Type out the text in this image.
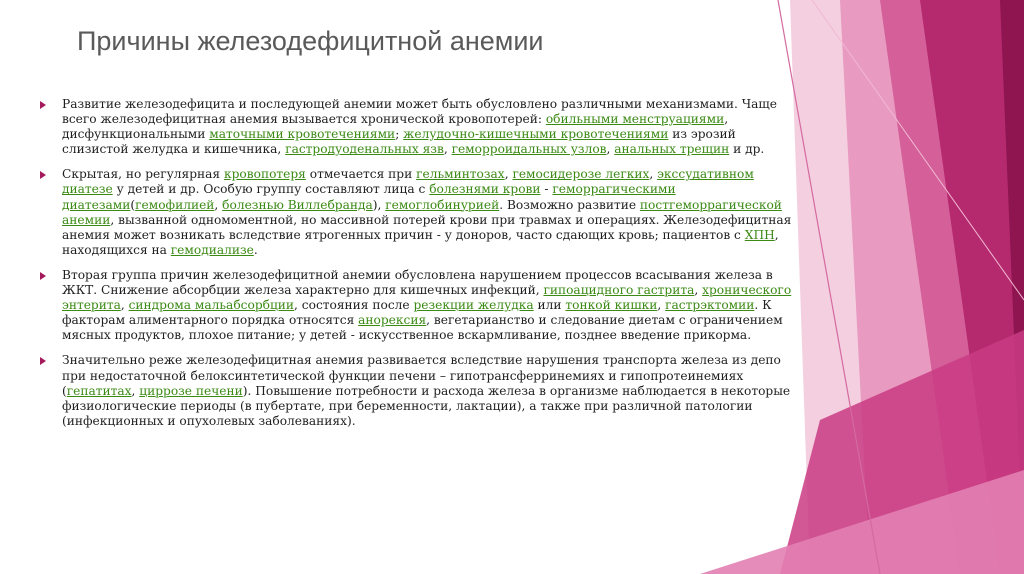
Причины железодефицитной анемии

Развитие железодефицита и последующей анемии может быть обусловлено различными механизмами. Чаще всего железодефицитная анемия вызывается хронической кровопотерей: обильными менструациями, дисфункциональными маточными кровотечениями; желудочно-кишечными кровотечениями из эрозий слизистой желудка и кишечника, гастродуоденальных язв, геморроидальных узлов, анальных трещин и др.

Скрытая, но регулярная кровопотеря отмечается при гельминтозах, гемосидерозе легких, экссудативном диатезе у детей и др. Особую группу составляют лица с болезнями крови - геморрагическими диатезами(гемофилией, болезнью Виллебранда), гемоглобинурией. Возможно развитие постгеморрагической анемии, вызванной одномоментной, но массивной потерей крови при травмах и операциях. Железодефицитная анемия может возникать вследствие ятрогенных причин - у доноров, часто сдающих кровь; пациентов с ХПН, находящихся на гемодиализе.

Вторая группа причин железодефицитной анемии обусловлена нарушением процессов всасывания железа в ЖКТ. Снижение абсорбции железа характерно для кишечных инфекций, гипоацидного гастрита, хронического энтерита, синдрома мальабсорбции, состояния после резекции желудка или тонкой кишки, гастрэктомии. К факторам алиментарного порядка относятся анорексия, вегетарианство и следование диетам с ограничением мясных продуктов, плохое питание; у детей - искусственное вскармливание, позднее введение прикорма.

Значительно реже железодефицитная анемия развивается вследствие нарушения транспорта железа из депо при недостаточной белоксинтетической функции печени – гипотрансферринемиях и гипопротеинемиях (гепатитах, циррозе печени). Повышение потребности и расхода железа в организме наблюдается в некоторые физиологические периоды (в пубертате, при беременности, лактации), а также при различной патологии (инфекционных и опухолевых заболеваниях).
